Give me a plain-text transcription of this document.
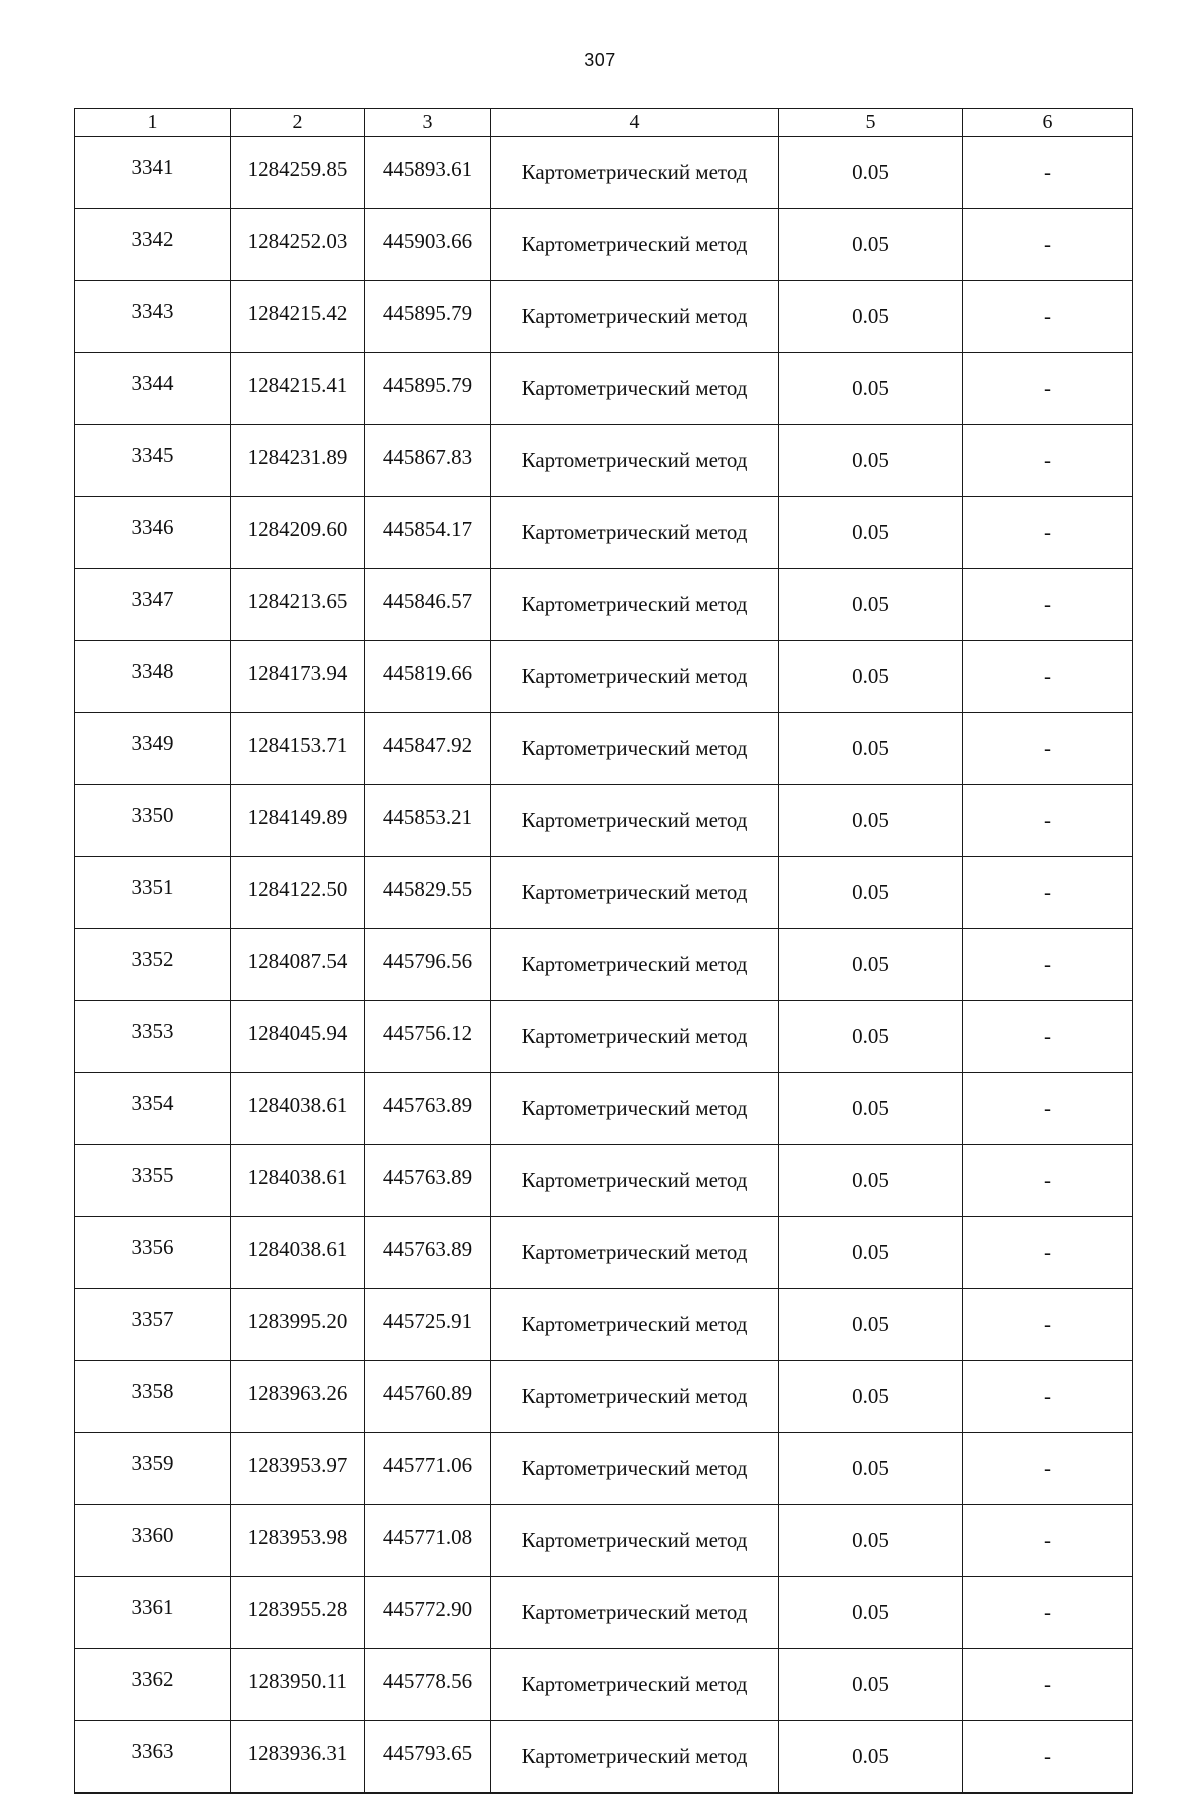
307
1	2	3	4	5	6
3341	1284259.85	445893.61	Картометрический метод	0.05	-
3342	1284252.03	445903.66	Картометрический метод	0.05	-
3343	1284215.42	445895.79	Картометрический метод	0.05	-
3344	1284215.41	445895.79	Картометрический метод	0.05	-
3345	1284231.89	445867.83	Картометрический метод	0.05	-
3346	1284209.60	445854.17	Картометрический метод	0.05	-
3347	1284213.65	445846.57	Картометрический метод	0.05	-
3348	1284173.94	445819.66	Картометрический метод	0.05	-
3349	1284153.71	445847.92	Картометрический метод	0.05	-
3350	1284149.89	445853.21	Картометрический метод	0.05	-
3351	1284122.50	445829.55	Картометрический метод	0.05	-
3352	1284087.54	445796.56	Картометрический метод	0.05	-
3353	1284045.94	445756.12	Картометрический метод	0.05	-
3354	1284038.61	445763.89	Картометрический метод	0.05	-
3355	1284038.61	445763.89	Картометрический метод	0.05	-
3356	1284038.61	445763.89	Картометрический метод	0.05	-
3357	1283995.20	445725.91	Картометрический метод	0.05	-
3358	1283963.26	445760.89	Картометрический метод	0.05	-
3359	1283953.97	445771.06	Картометрический метод	0.05	-
3360	1283953.98	445771.08	Картометрический метод	0.05	-
3361	1283955.28	445772.90	Картометрический метод	0.05	-
3362	1283950.11	445778.56	Картометрический метод	0.05	-
3363	1283936.31	445793.65	Картометрический метод	0.05	-
